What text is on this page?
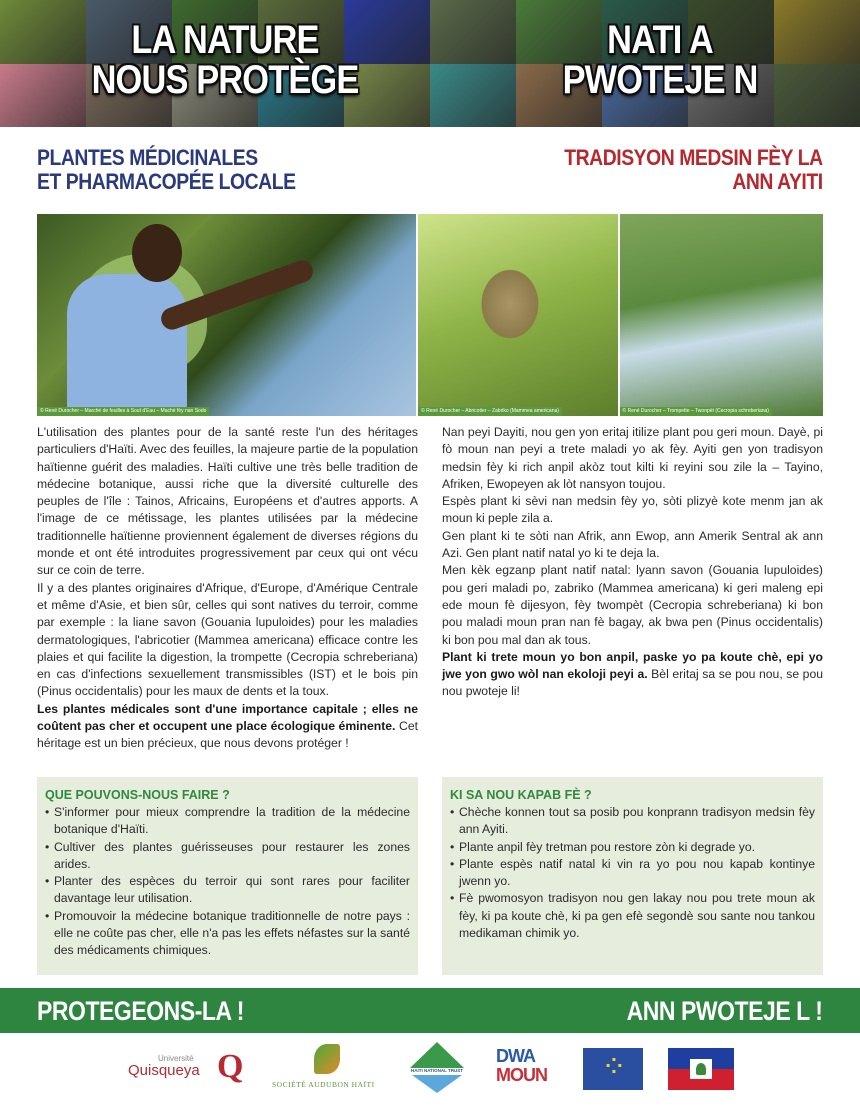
LA NATURE
NOUS PROTÈGE
NATI A
PWOTEJE N
PLANTES MÉDICINALES
ET PHARMACOPÉE LOCALE
TRADISYON MEDSIN FÈY LA
ANN AYITI
© René Durocher – Marché de feuilles à Sout d'Eau – Machè fèy nan Sodo	© René Durocher – Abricotier – Zabriko (Mammea americana)	© René Durocher – Trompette – Twonpèt (Cecropia schreberiana)

L'utilisation des plantes pour de la santé reste l'un des héritages particuliers d'Haïti. Avec des feuilles, la majeure partie de la population haïtienne guérit des maladies. Haïti cultive une très belle tradition de médecine botanique, aussi riche que la diversité culturelle des peuples de l'île : Tainos, Africains, Européens et d'autres apports. A l'image de ce métissage, les plantes utilisées par la médecine traditionnelle haïtienne proviennent également de diverses régions du monde et ont été introduites progressivement par ceux qui ont vécu sur ce coin de terre.

Il y a des plantes originaires d'Afrique, d'Europe, d'Amérique Centrale et même d'Asie, et bien sûr, celles qui sont natives du terroir, comme par exemple : la liane savon (Gouania lupuloides) pour les maladies dermatologiques, l'abricotier (Mammea americana) efficace contre les plaies et qui facilite la digestion, la trompette (Cecropia schreberiana) en cas d'infections sexuellement transmissibles (IST) et le bois pin (Pinus occidentalis) pour les maux de dents et la toux.

Les plantes médicales sont d'une importance capitale ; elles ne coûtent pas cher et occupent une place écologique éminente. Cet héritage est un bien précieux, que nous devons protéger !

Nan peyi Dayiti, nou gen yon eritaj itilize plant pou geri moun. Dayè, pi fò moun nan peyi a trete maladi yo ak fèy. Ayiti gen yon tradisyon medsin fèy ki rich anpil akòz tout kilti ki reyini sou zile la – Tayino, Afriken, Ewopeyen ak lòt nansyon toujou.

Espès plant ki sèvi nan medsin fèy yo, sòti plizyè kote menm jan ak moun ki peple zila a.

Gen plant ki te sòti nan Afrik, ann Ewop, ann Amerik Sentral ak ann Azi. Gen plant natif natal yo ki te deja la.

Men kèk egzanp plant natif natal: lyann savon (Gouania lupuloides) pou geri maladi po, zabriko (Mammea americana) ki geri maleng epi ede moun fè dijesyon, fèy twompèt (Cecropia schreberiana) ki bon pou maladi moun pran nan fè bagay, ak bwa pen (Pinus occidentalis) ki bon pou mal dan ak tous.

Plant ki trete moun yo bon anpil, paske yo pa koute chè, epi yo jwe yon gwo wòl nan ekoloji peyi a. Bèl eritaj sa se pou nou, se pou nou pwoteje li!

QUE POUVONS-NOUS FAIRE ?
• S'informer pour mieux comprendre la tradition de la médecine botanique d'Haïti.
• Cultiver des plantes guérisseuses pour restaurer les zones arides.
• Planter des espèces du terroir qui sont rares pour faciliter davantage leur utilisation.
• Promouvoir la médecine botanique traditionnelle de notre pays : elle ne coûte pas cher, elle n'a pas les effets néfastes sur la santé des médicaments chimiques.
KI SA NOU KAPAB FÈ ?
• Chèche konnen tout sa posib pou konprann tradisyon medsin fèy ann Ayiti.
• Plante anpil fèy tretman pou restore zòn ki degrade yo.
• Plante espès natif natal ki vin ra yo pou nou kapab kontinye jwenn yo.
• Fè pwomosyon tradisyon nou gen lakay nou pou trete moun ak fèy, ki pa koute chè, ki pa gen efè segondè sou sante nou tankou medikaman chimik yo.
PROTEGEONS-LA !	ANN PWOTEJE L !
Université
Quisqueya Q	SOCIÉTÉ AUDUBON HAÏTI
HAITI NATIONAL TRUST
DWA
MOUN	⁘
